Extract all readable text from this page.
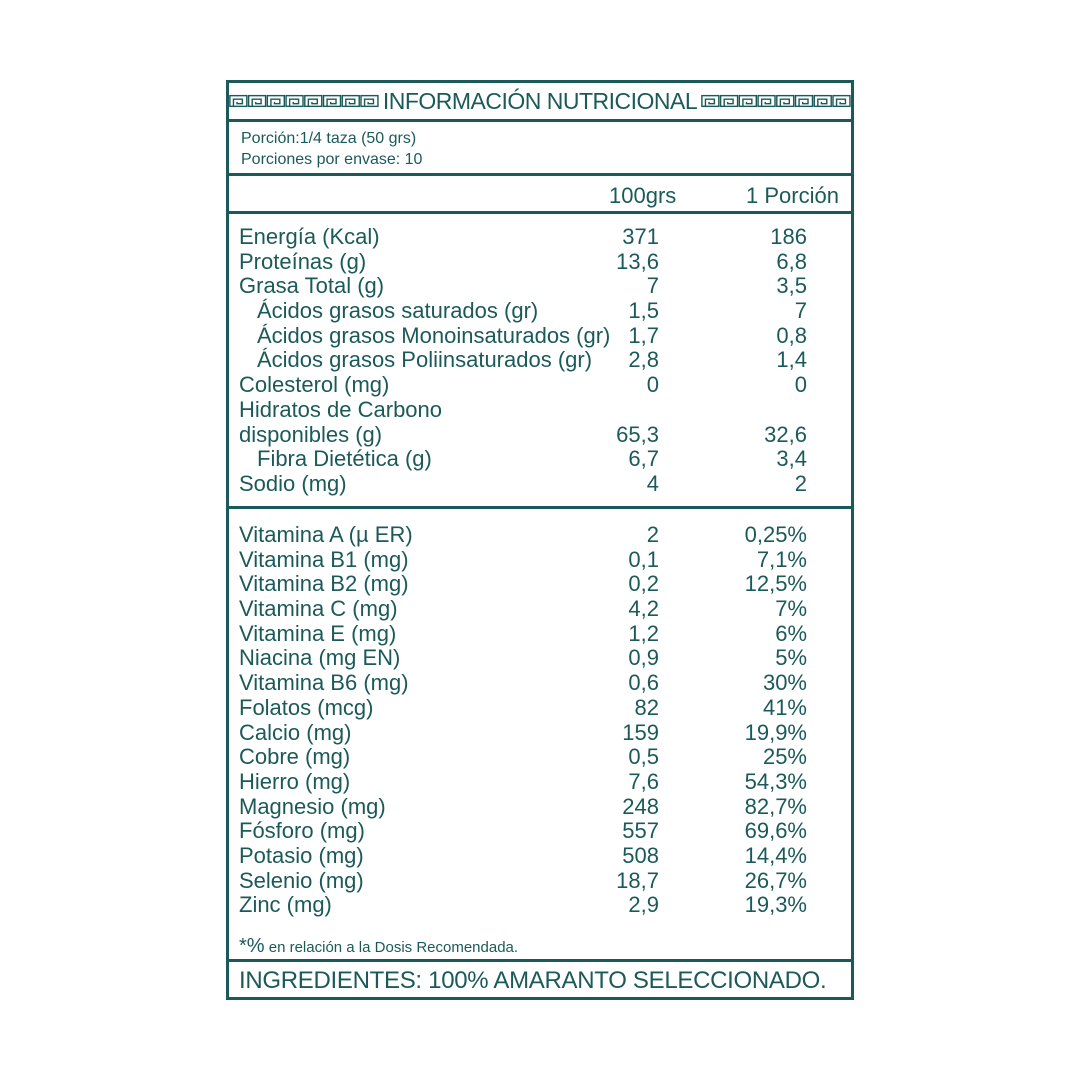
INFORMACIÓN NUTRICIONAL
Porción:1/4 taza (50 grs)
Porciones por envase: 10
100grs	1 Porción
Energía (Kcal)	371	186
Proteínas (g)	13,6	6,8
Grasa Total (g)	7	3,5
Ácidos grasos saturados (gr)	1,5	7
Ácidos grasos Monoinsaturados (gr) 1,7	0,8
Ácidos grasos Poliinsaturados (gr) 2,8	1,4
Colesterol (mg)	0	0
Hidratos de Carbono
disponibles (g)	65,3	32,6
Fibra Dietética (g)	6,7	3,4
Sodio (mg)	4	2
Vitamina A (µ ER)	2	0,25%
Vitamina B1 (mg)	0,1	7,1%
Vitamina B2 (mg)	0,2	12,5%
Vitamina C (mg)	4,2	7%
Vitamina E (mg)	1,2	6%
Niacina (mg EN)	0,9	5%
Vitamina B6 (mg)	0,6	30%
Folatos (mcg)	82	41%
Calcio (mg)	159	19,9%
Cobre (mg)	0,5	25%
Hierro (mg)	7,6	54,3%
Magnesio (mg)	248	82,7%
Fósforo (mg)	557	69,6%
Potasio (mg)	508	14,4%
Selenio (mg)	18,7	26,7%
Zinc (mg)	2,9	19,3%
*% en relación a la Dosis Recomendada.
INGREDIENTES: 100% AMARANTO SELECCIONADO.
